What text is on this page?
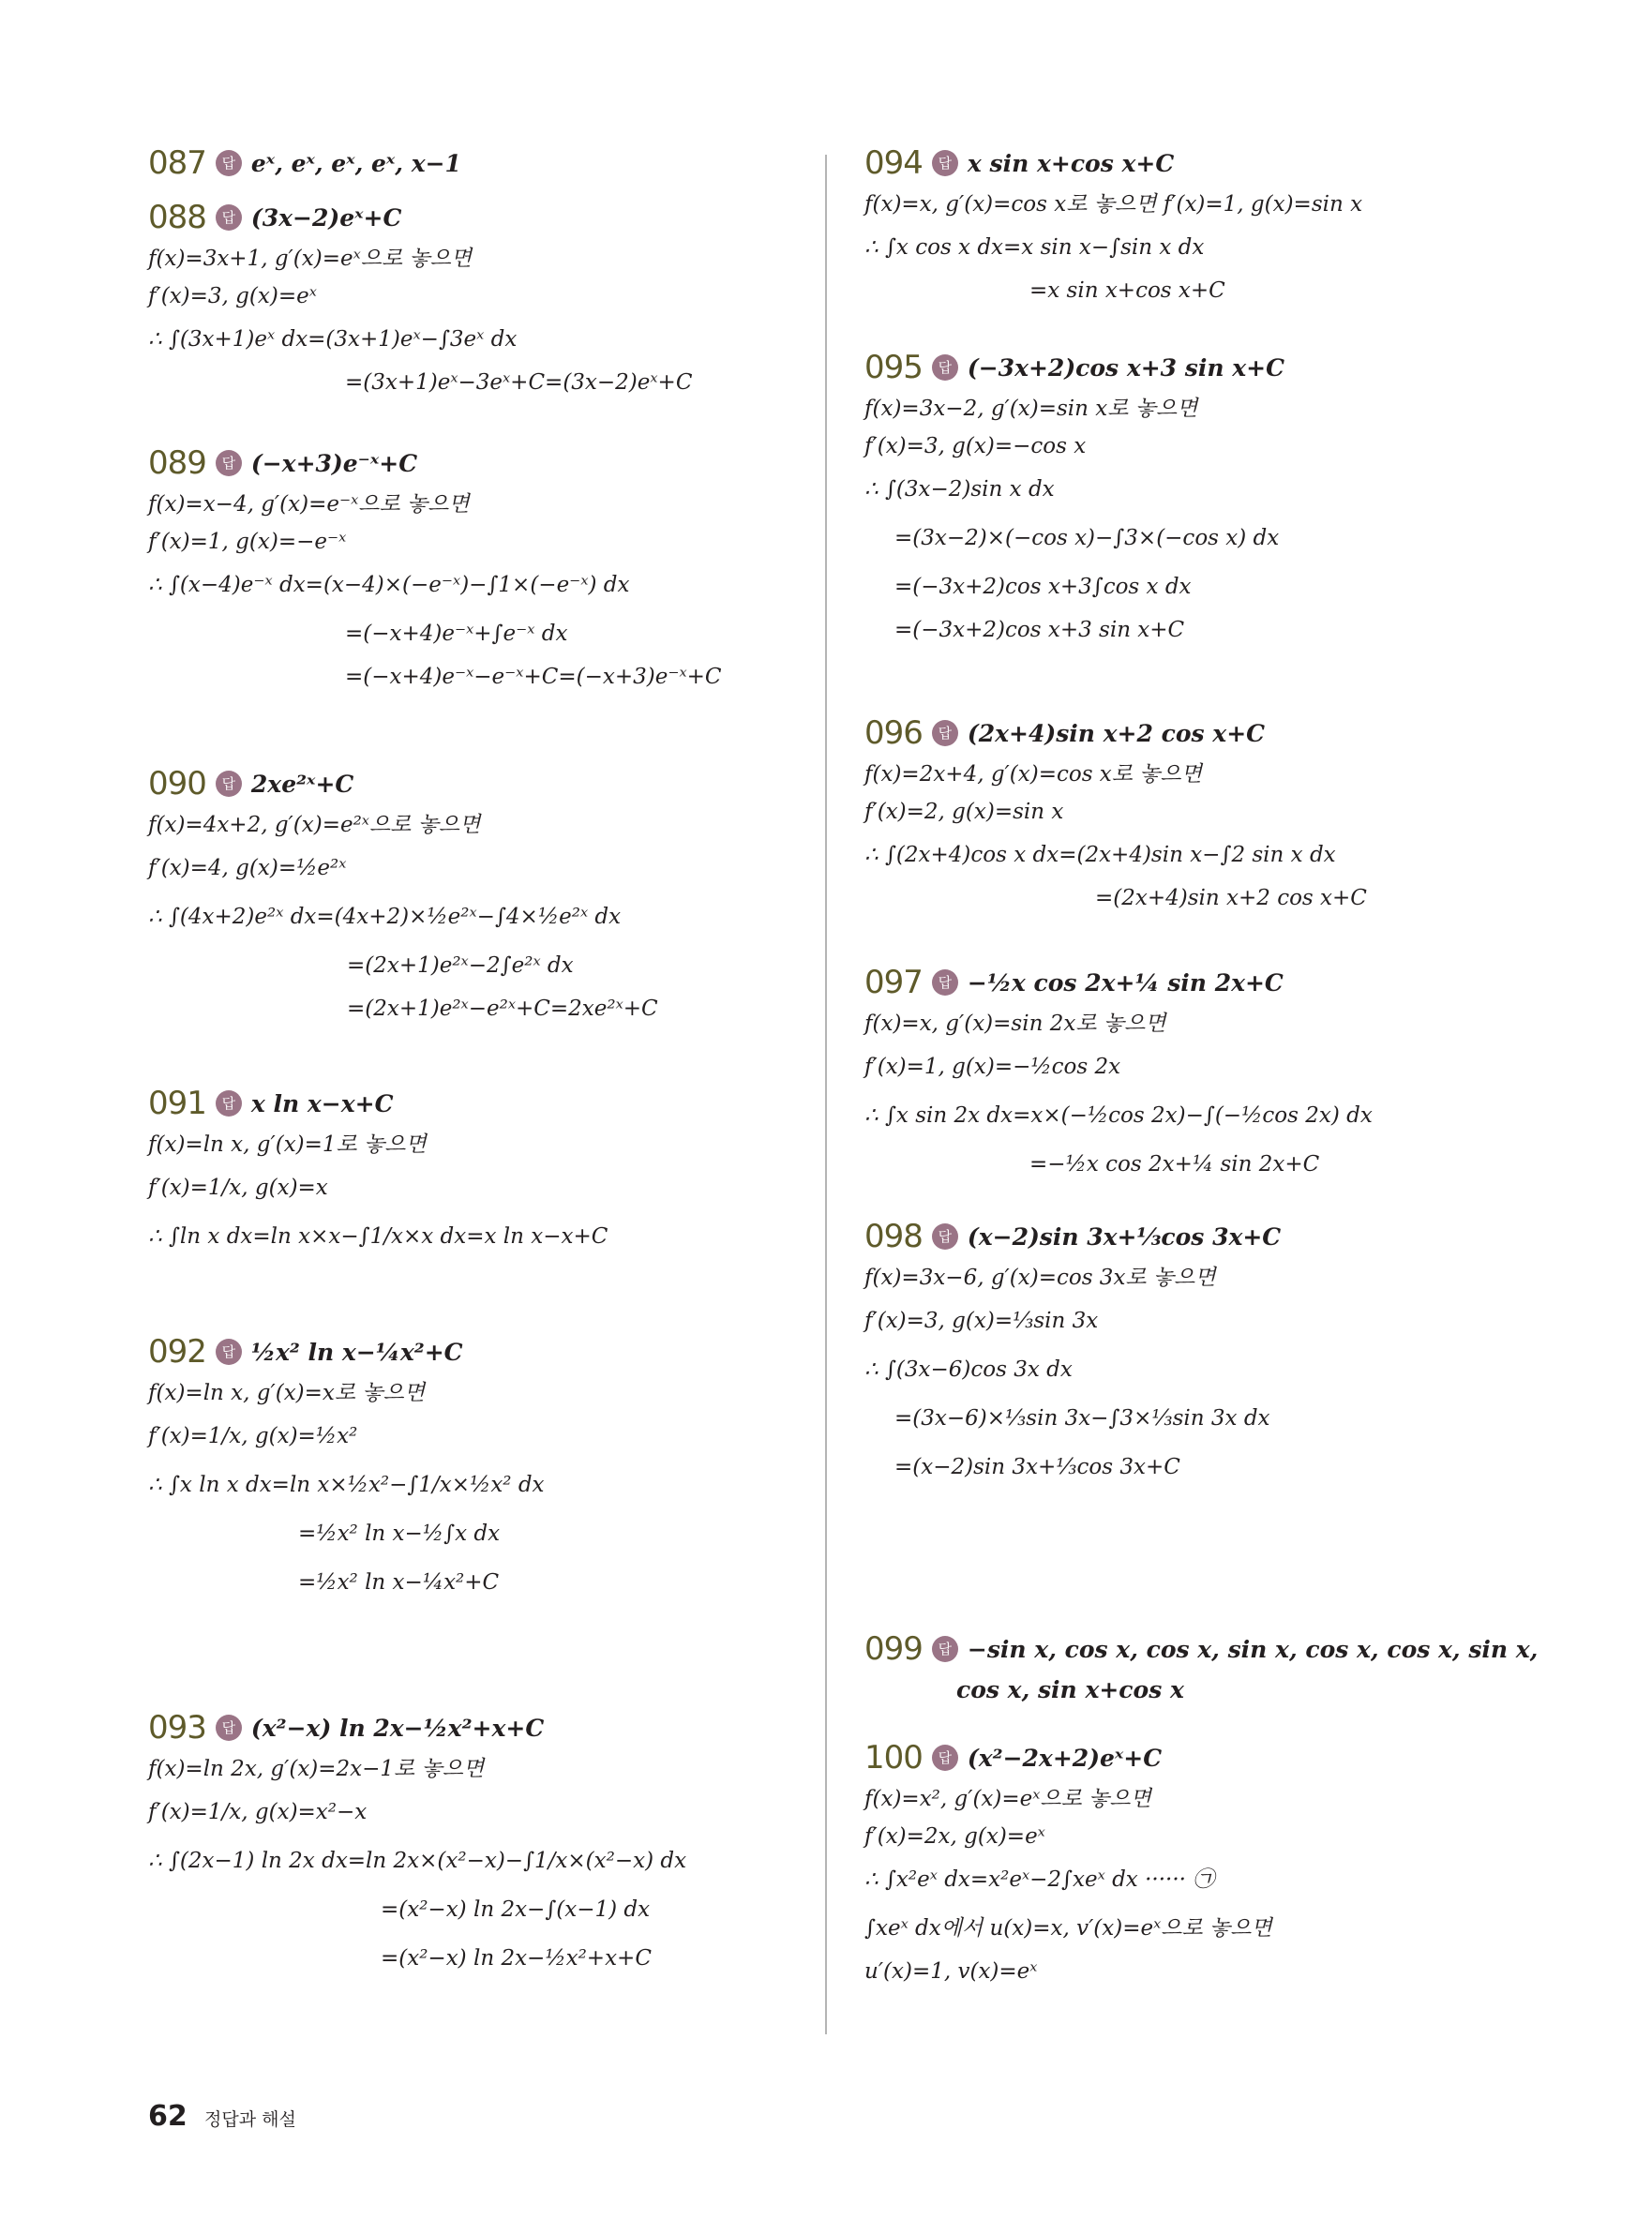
087	답 eˣ, eˣ, eˣ, eˣ, x−1
088	답 (3x−2)eˣ+C
f(x)=3x+1, g′(x)=eˣ으로 놓으면
f′(x)=3, g(x)=eˣ
∴ ∫(3x+1)eˣ dx=(3x+1)eˣ−∫3eˣ dx
=(3x+1)eˣ−3eˣ+C=(3x−2)eˣ+C
089	답 (−x+3)e⁻ˣ+C
f(x)=x−4, g′(x)=e⁻ˣ으로 놓으면
f′(x)=1, g(x)=−e⁻ˣ
∴ ∫(x−4)e⁻ˣ dx=(x−4)×(−e⁻ˣ)−∫1×(−e⁻ˣ) dx
=(−x+4)e⁻ˣ+∫e⁻ˣ dx
=(−x+4)e⁻ˣ−e⁻ˣ+C=(−x+3)e⁻ˣ+C
090	답 2xe²ˣ+C
f(x)=4x+2, g′(x)=e²ˣ으로 놓으면
f′(x)=4, g(x)=½e²ˣ
∴ ∫(4x+2)e²ˣ dx=(4x+2)×½e²ˣ−∫4×½e²ˣ dx
=(2x+1)e²ˣ−2∫e²ˣ dx
=(2x+1)e²ˣ−e²ˣ+C=2xe²ˣ+C
091	답 x ln x−x+C
f(x)=ln x, g′(x)=1로 놓으면
f′(x)=1/x, g(x)=x
∴ ∫ln x dx=ln x×x−∫1/x×x dx=x ln x−x+C
092	답 ½x² ln x−¼x²+C
f(x)=ln x, g′(x)=x로 놓으면
f′(x)=1/x, g(x)=½x²
∴ ∫x ln x dx=ln x×½x²−∫1/x×½x² dx
=½x² ln x−½∫x dx
=½x² ln x−¼x²+C
093	답 (x²−x) ln 2x−½x²+x+C
f(x)=ln 2x, g′(x)=2x−1로 놓으면
f′(x)=1/x, g(x)=x²−x
∴ ∫(2x−1) ln 2x dx=ln 2x×(x²−x)−∫1/x×(x²−x) dx
=(x²−x) ln 2x−∫(x−1) dx
=(x²−x) ln 2x−½x²+x+C
094	답 x sin x+cos x+C
f(x)=x, g′(x)=cos x로 놓으면 f′(x)=1, g(x)=sin x
∴ ∫x cos x dx=x sin x−∫sin x dx
=x sin x+cos x+C
095	답 (−3x+2)cos x+3 sin x+C
f(x)=3x−2, g′(x)=sin x로 놓으면
f′(x)=3, g(x)=−cos x
∴ ∫(3x−2)sin x dx
=(3x−2)×(−cos x)−∫3×(−cos x) dx
=(−3x+2)cos x+3∫cos x dx
=(−3x+2)cos x+3 sin x+C
096	답 (2x+4)sin x+2 cos x+C
f(x)=2x+4, g′(x)=cos x로 놓으면
f′(x)=2, g(x)=sin x
∴ ∫(2x+4)cos x dx=(2x+4)sin x−∫2 sin x dx
=(2x+4)sin x+2 cos x+C
097	답 −½x cos 2x+¼ sin 2x+C
f(x)=x, g′(x)=sin 2x로 놓으면
f′(x)=1, g(x)=−½cos 2x
∴ ∫x sin 2x dx=x×(−½cos 2x)−∫(−½cos 2x) dx
=−½x cos 2x+¼ sin 2x+C
098	답 (x−2)sin 3x+⅓cos 3x+C
f(x)=3x−6, g′(x)=cos 3x로 놓으면
f′(x)=3, g(x)=⅓sin 3x
∴ ∫(3x−6)cos 3x dx
=(3x−6)×⅓sin 3x−∫3×⅓sin 3x dx
=(x−2)sin 3x+⅓cos 3x+C
099	답 −sin x, cos x, cos x, sin x, cos x, cos x, sin x,
cos x, sin x+cos x
100	답 (x²−2x+2)eˣ+C
f(x)=x², g′(x)=eˣ으로 놓으면
f′(x)=2x, g(x)=eˣ
∴ ∫x²eˣ dx=x²eˣ−2∫xeˣ dx ······ ㉠
∫xeˣ dx에서 u(x)=x, v′(x)=eˣ으로 놓으면
u′(x)=1, v(x)=eˣ
62 정답과 해설
